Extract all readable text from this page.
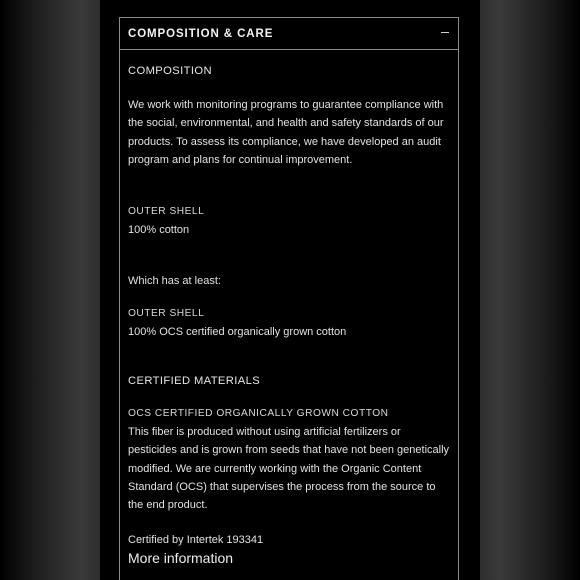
COMPOSITION & CARE
COMPOSITION
We work with monitoring programs to guarantee compliance with the social, environmental, and health and safety standards of our products. To assess its compliance, we have developed an audit program and plans for continual improvement.
OUTER SHELL
100% cotton
Which has at least:
OUTER SHELL
100% OCS certified organically grown cotton
CERTIFIED MATERIALS
OCS CERTIFIED ORGANICALLY GROWN COTTON
This fiber is produced without using artificial fertilizers or pesticides and is grown from seeds that have not been genetically modified. We are currently working with the Organic Content Standard (OCS) that supervises the process from the source to the end product.
Certified by Intertek 193341
More information
